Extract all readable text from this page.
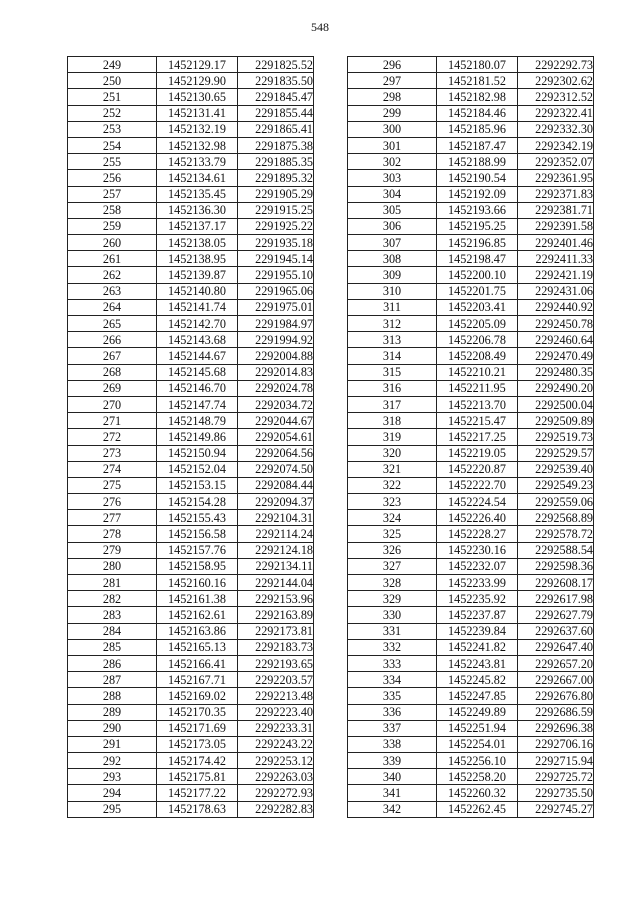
548
249	1452129.17	2291825.52
250	1452129.90	2291835.50
251	1452130.65	2291845.47
252	1452131.41	2291855.44
253	1452132.19	2291865.41
254	1452132.98	2291875.38
255	1452133.79	2291885.35
256	1452134.61	2291895.32
257	1452135.45	2291905.29
258	1452136.30	2291915.25
259	1452137.17	2291925.22
260	1452138.05	2291935.18
261	1452138.95	2291945.14
262	1452139.87	2291955.10
263	1452140.80	2291965.06
264	1452141.74	2291975.01
265	1452142.70	2291984.97
266	1452143.68	2291994.92
267	1452144.67	2292004.88
268	1452145.68	2292014.83
269	1452146.70	2292024.78
270	1452147.74	2292034.72
271	1452148.79	2292044.67
272	1452149.86	2292054.61
273	1452150.94	2292064.56
274	1452152.04	2292074.50
275	1452153.15	2292084.44
276	1452154.28	2292094.37
277	1452155.43	2292104.31
278	1452156.58	2292114.24
279	1452157.76	2292124.18
280	1452158.95	2292134.11
281	1452160.16	2292144.04
282	1452161.38	2292153.96
283	1452162.61	2292163.89
284	1452163.86	2292173.81
285	1452165.13	2292183.73
286	1452166.41	2292193.65
287	1452167.71	2292203.57
288	1452169.02	2292213.48
289	1452170.35	2292223.40
290	1452171.69	2292233.31
291	1452173.05	2292243.22
292	1452174.42	2292253.12
293	1452175.81	2292263.03
294	1452177.22	2292272.93
295	1452178.63	2292282.83
296	1452180.07	2292292.73
297	1452181.52	2292302.62
298	1452182.98	2292312.52
299	1452184.46	2292322.41
300	1452185.96	2292332.30
301	1452187.47	2292342.19
302	1452188.99	2292352.07
303	1452190.54	2292361.95
304	1452192.09	2292371.83
305	1452193.66	2292381.71
306	1452195.25	2292391.58
307	1452196.85	2292401.46
308	1452198.47	2292411.33
309	1452200.10	2292421.19
310	1452201.75	2292431.06
311	1452203.41	2292440.92
312	1452205.09	2292450.78
313	1452206.78	2292460.64
314	1452208.49	2292470.49
315	1452210.21	2292480.35
316	1452211.95	2292490.20
317	1452213.70	2292500.04
318	1452215.47	2292509.89
319	1452217.25	2292519.73
320	1452219.05	2292529.57
321	1452220.87	2292539.40
322	1452222.70	2292549.23
323	1452224.54	2292559.06
324	1452226.40	2292568.89
325	1452228.27	2292578.72
326	1452230.16	2292588.54
327	1452232.07	2292598.36
328	1452233.99	2292608.17
329	1452235.92	2292617.98
330	1452237.87	2292627.79
331	1452239.84	2292637.60
332	1452241.82	2292647.40
333	1452243.81	2292657.20
334	1452245.82	2292667.00
335	1452247.85	2292676.80
336	1452249.89	2292686.59
337	1452251.94	2292696.38
338	1452254.01	2292706.16
339	1452256.10	2292715.94
340	1452258.20	2292725.72
341	1452260.32	2292735.50
342	1452262.45	2292745.27
